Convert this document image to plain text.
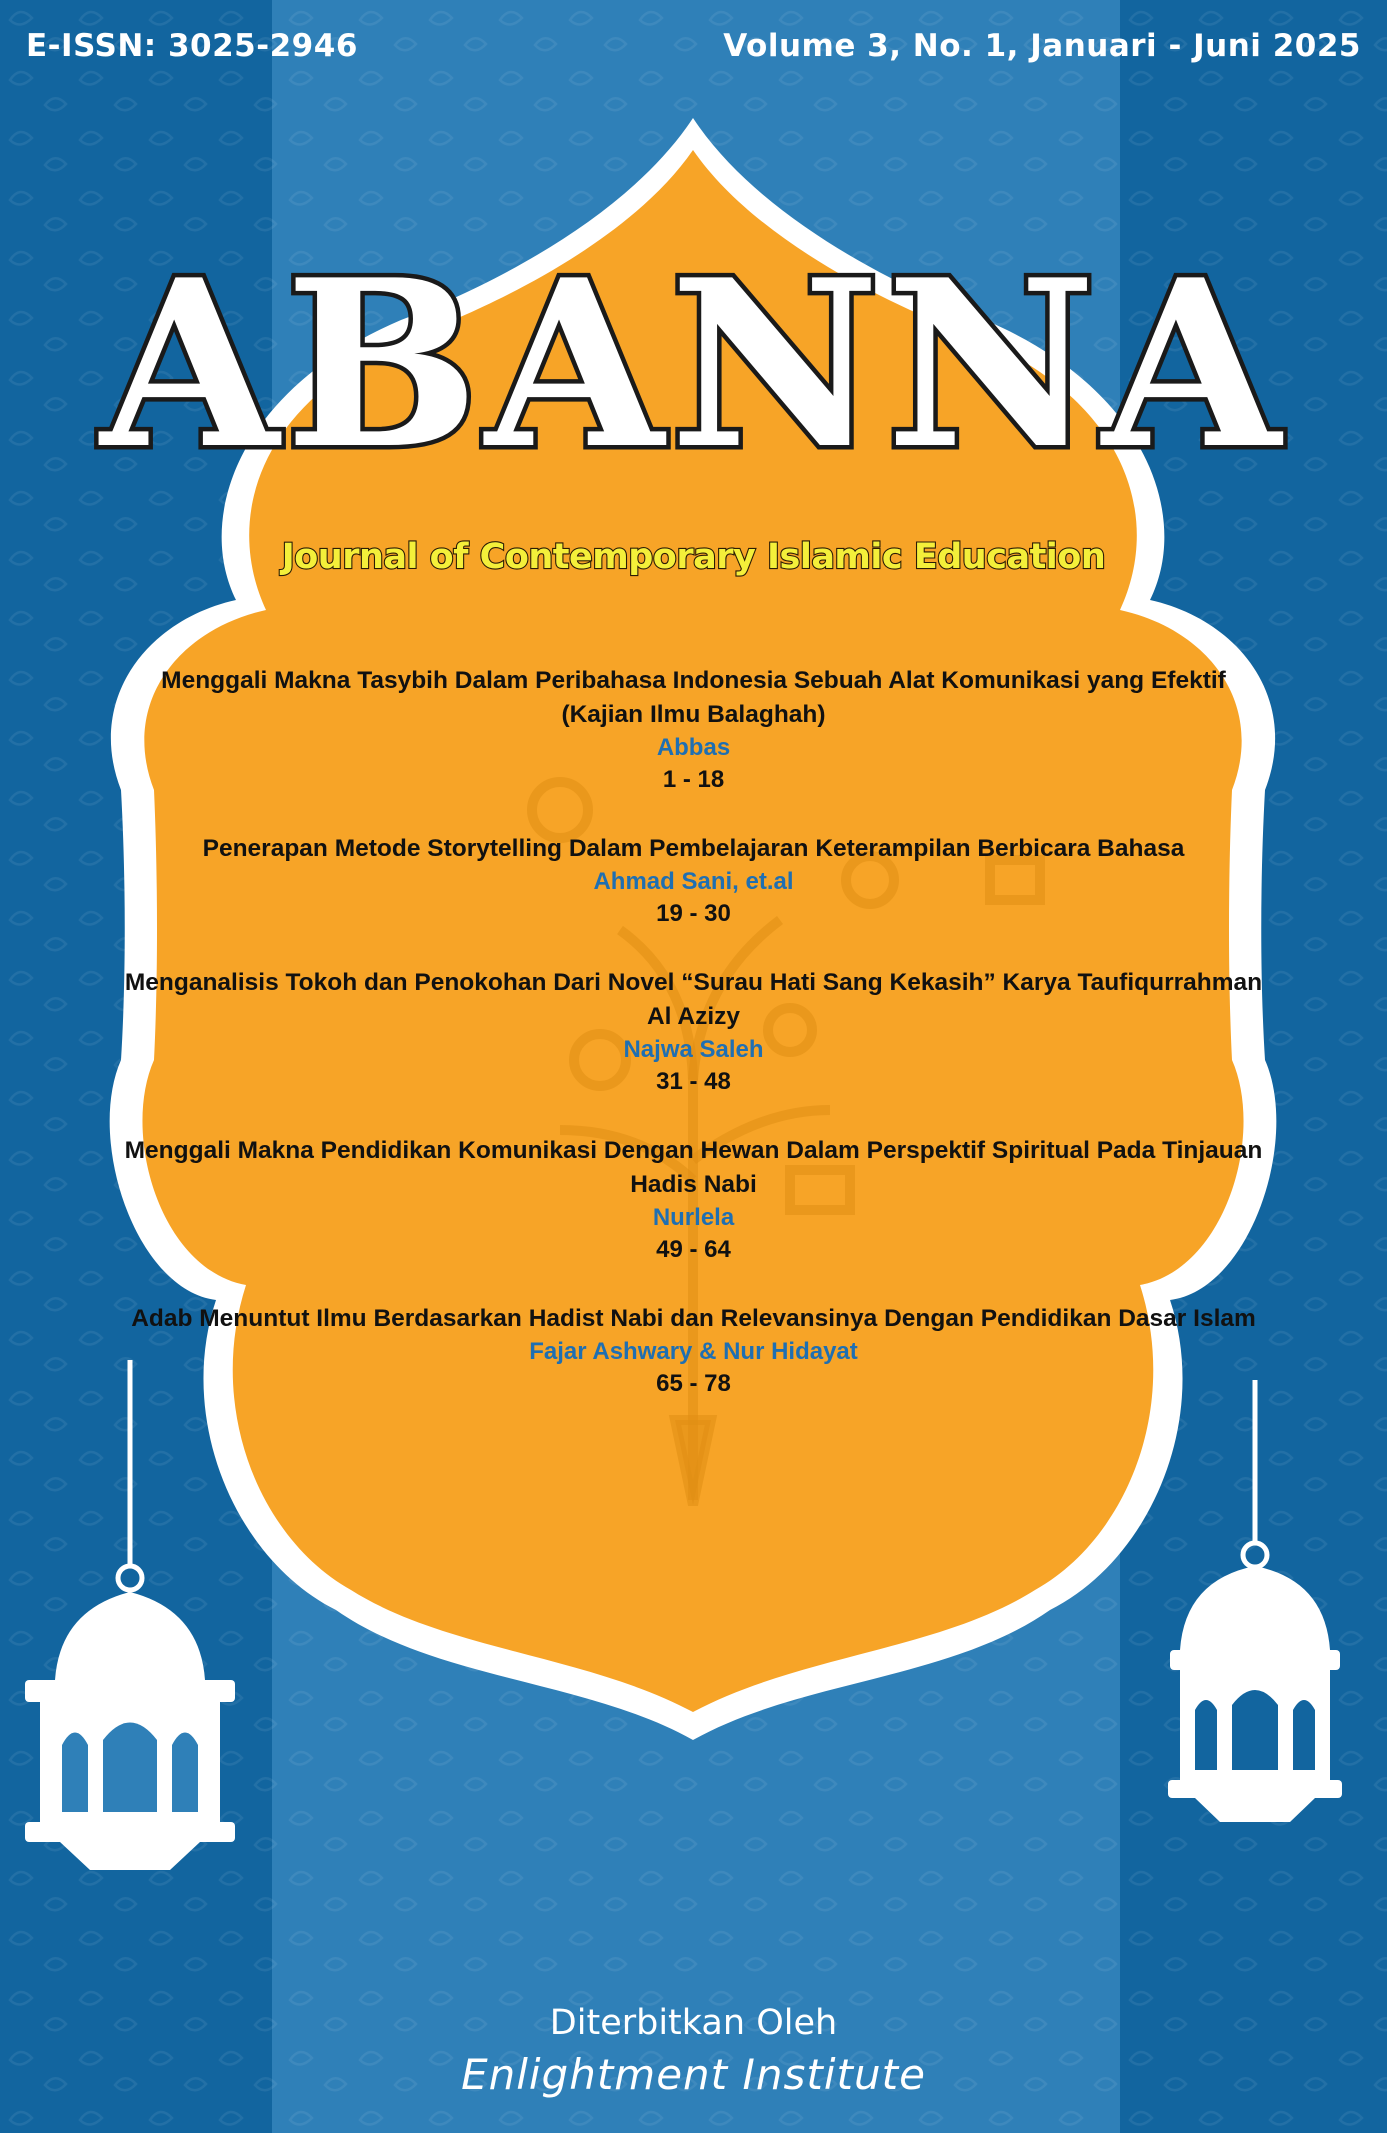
E-ISSN: 3025-2946	Volume 3, No. 1, Januari - Juni 2025
ABANNA
Journal of Contemporary Islamic Education
Menggali Makna Tasybih Dalam Peribahasa Indonesia Sebuah Alat Komunikasi yang Efektif
(Kajian Ilmu Balaghah)
Abbas
1 - 18
Penerapan Metode Storytelling Dalam Pembelajaran Keterampilan Berbicara Bahasa
Ahmad Sani, et.al
19 - 30
Menganalisis Tokoh dan Penokohan Dari Novel “Surau Hati Sang Kekasih” Karya Taufiqurrahman
Al Azizy
Najwa Saleh
31 - 48
Menggali Makna Pendidikan Komunikasi Dengan Hewan Dalam Perspektif Spiritual Pada Tinjauan
Hadis Nabi
Nurlela
49 - 64
Adab Menuntut Ilmu Berdasarkan Hadist Nabi dan Relevansinya Dengan Pendidikan Dasar Islam
Fajar Ashwary & Nur Hidayat
65 - 78
Diterbitkan Oleh
Enlightment Institute
